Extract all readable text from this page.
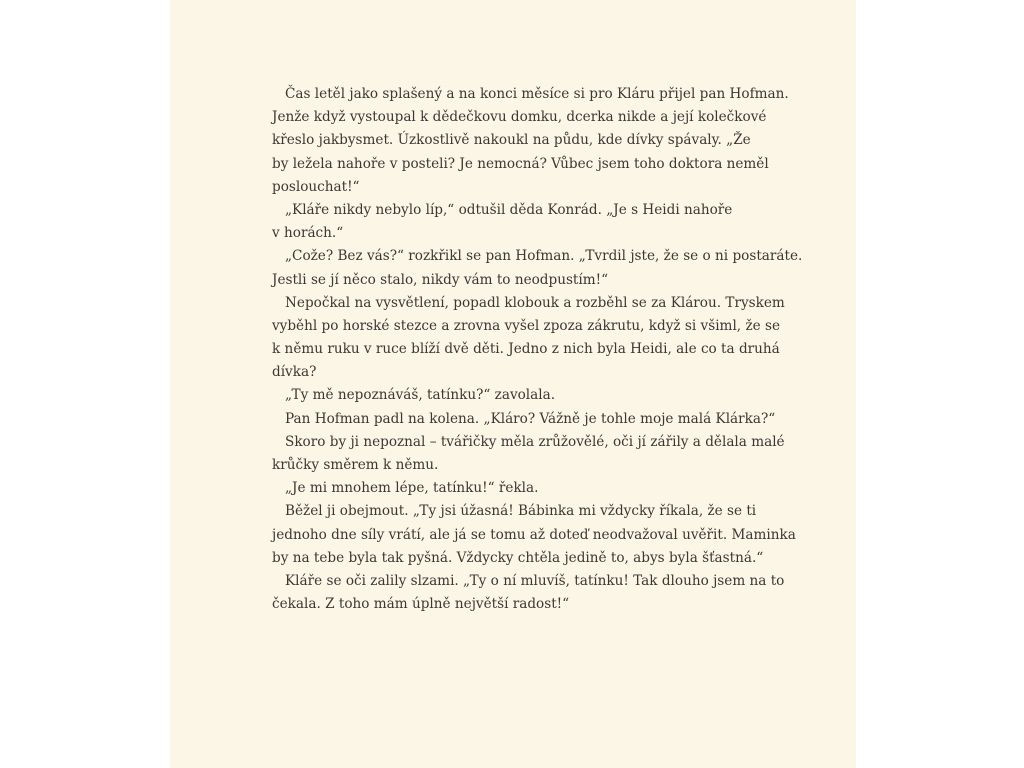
Čas letěl jako splašený a na konci měsíce si pro Kláru přijel pan Hofman.
Jenže když vystoupal k dědečkovu domku, dcerka nikde a její kolečkové
křeslo jakbysmet. Úzkostlivě nakoukl na půdu, kde dívky spávaly. „Že
by ležela nahoře v posteli? Je nemocná? Vůbec jsem toho doktora neměl
poslouchat!“
„Kláře nikdy nebylo líp,“ odtušil děda Konrád. „Je s Heidi nahoře
v horách.“
„Cože? Bez vás?“ rozkřikl se pan Hofman. „Tvrdil jste, že se o ni postaráte.
Jestli se jí něco stalo, nikdy vám to neodpustím!“
Nepočkal na vysvětlení, popadl klobouk a rozběhl se za Klárou. Tryskem
vyběhl po horské stezce a zrovna vyšel zpoza zákrutu, když si všiml, že se
k němu ruku v ruce blíží dvě děti. Jedno z nich byla Heidi, ale co ta druhá
dívka?
„Ty mě nepoznáváš, tatínku?“ zavolala.
Pan Hofman padl na kolena. „Kláro? Vážně je tohle moje malá Klárka?“
Skoro by ji nepoznal – tvářičky měla zrůžovělé, oči jí zářily a dělala malé
krůčky směrem k němu.
„Je mi mnohem lépe, tatínku!“ řekla.
Běžel ji obejmout. „Ty jsi úžasná! Bábinka mi vždycky říkala, že se ti
jednoho dne síly vrátí, ale já se tomu až doteď neodvažoval uvěřit. Maminka
by na tebe byla tak pyšná. Vždycky chtěla jedině to, abys byla šťastná.“
Kláře se oči zalily slzami. „Ty o ní mluvíš, tatínku! Tak dlouho jsem na to
čekala. Z toho mám úplně největší radost!“
